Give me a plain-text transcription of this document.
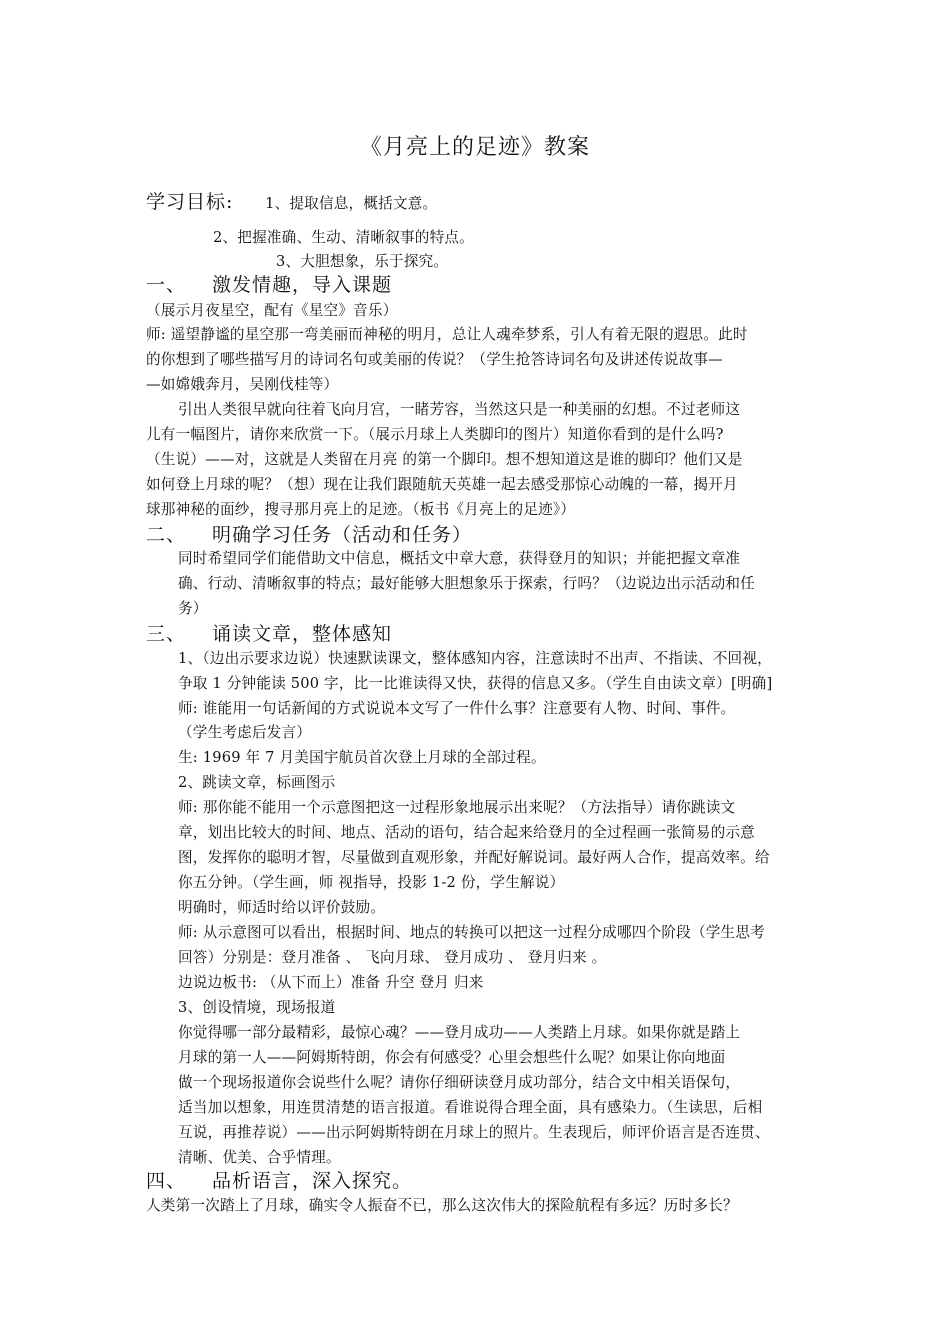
《月亮上的足迹》教案
学习目标: 1、提取信息，概括文意。
2、把握准确、生动、清晰叙事的特点。
3、大胆想象，乐于探究。
一、 激发情趣，导入课题
（展示月夜星空，配有《星空》音乐）
师: 遥望静谧的星空那一弯美丽而神秘的明月，总让人魂牵梦系，引人有着无限的遐思。此时
的你想到了哪些描写月的诗词名句或美丽的传说？（学生抢答诗词名句及讲述传说故事—
—如嫦娥奔月，吴刚伐桂等）
引出人类很早就向往着飞向月宫，一睹芳容，当然这只是一种美丽的幻想。不过老师这
儿有一幅图片，请你来欣赏一下。（展示月球上人类脚印的图片）知道你看到的是什么吗?
（生说）——对，这就是人类留在月亮 的第一个脚印。想不想知道这是谁的脚印？他们又是
如何登上月球的呢？（想）现在让我们跟随航天英雄一起去感受那惊心动魄的一幕，揭开月
球那神秘的面纱，搜寻那月亮上的足迹。（板书《月亮上的足迹》）
二、 明确学习任务（活动和任务）
同时希望同学们能借助文中信息，概括文中章大意，获得登月的知识；并能把握文章准
确、行动、清晰叙事的特点；最好能够大胆想象乐于探索，行吗？（边说边出示活动和任
务）
三、 诵读文章，整体感知
1、（边出示要求边说）快速默读课文，整体感知内容，注意读时不出声、不指读、不回视，
争取 1 分钟能读 500 字，比一比谁读得又快，获得的信息又多。（学生自由读文章）[明确]
师: 谁能用一句话新闻的方式说说本文写了一件什么事？注意要有人物、时间、事件。
（学生考虑后发言）
生: 1969 年 7 月美国宇航员首次登上月球的全部过程。
2、跳读文章，标画图示
师: 那你能不能用一个示意图把这一过程形象地展示出来呢？（方法指导）请你跳读文
章，划出比较大的时间、地点、活动的语句，结合起来给登月的全过程画一张简易的示意
图，发挥你的聪明才智，尽量做到直观形象，并配好解说词。最好两人合作，提高效率。给
你五分钟。（学生画，师 视指导，投影 1-2 份，学生解说）
明确时，师适时给以评价鼓励。
师: 从示意图可以看出，根据时间、地点的转换可以把这一过程分成哪四个阶段（学生思考
回答）分别是：登月准备 、 飞向月球、 登月成功 、 登月归来 。
边说边板书: （从下而上）准备 升空 登月 归来
3、创设情境，现场报道
你觉得哪一部分最精彩，最惊心魂？——登月成功——人类踏上月球。如果你就是踏上
月球的第一人——阿姆斯特朗，你会有何感受？心里会想些什么呢？如果让你向地面
做一个现场报道你会说些什么呢？请你仔细研读登月成功部分，结合文中相关语保句，
适当加以想象，用连贯清楚的语言报道。看谁说得合理全面，具有感染力。（生读思，后相
互说，再推荐说）——出示阿姆斯特朗在月球上的照片。生表现后，师评价语言是否连贯、
清晰、优美、合乎情理。
四、 品析语言，深入探究。
人类第一次踏上了月球，确实令人振奋不已，那么这次伟大的探险航程有多远？历时多长？
